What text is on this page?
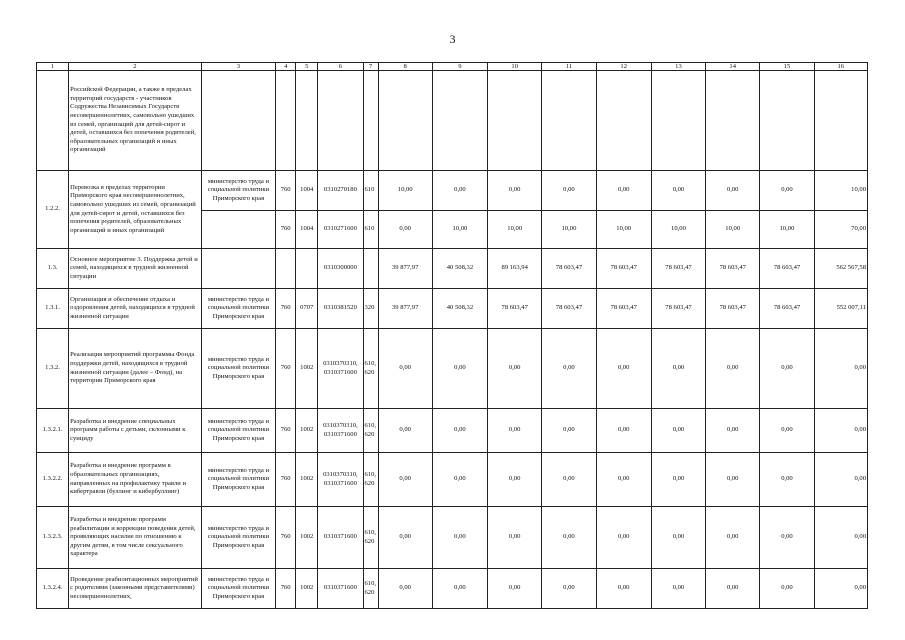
3
1	2	3	4	5	6	7	8	9	10	11	12	13	14	15	16
	Российской Федерации, а также в пределах территорий государств - участников Содружества Независимых Государств несовершеннолетних, самовольно ушедших из семей, организаций для детей-сирот и детей, оставшихся без попечения родителей, образовательных организаций и иных организаций														
1.2.2.	Перевозка в пределах территории Приморского края несовершеннолетних, самовольно ушедших из семей, организаций для детей-сирот и детей, оставшихся без попечения родителей, образовательных организаций и иных организаций	министерство труда и социальной политики Приморского края	760	1004	0310270180	610	10,00	0,00	0,00	0,00	0,00	0,00	0,00	0,00	10,00
			760	1004	0310271600	610	0,00	10,00	10,00	10,00	10,00	10,00	10,00	10,00	70,00
1.3.	Основное мероприятие 3. Поддержка детей и семей, находящихся в трудной жизненной ситуации				0310300000		39 877,97	40 508,32	89 163,94	78 603,47	78 603,47	78 603,47	78 603,47	78 603,47	562 567,58
1.3.1.	Организация и обеспечение отдыха и оздоровления детей, находящихся в трудной жизненной ситуации	министерство труда и социальной политики Приморского края	760	0707	0310381520	320	39 877,97	40 508,32	78 603,47	78 603,47	78 603,47	78 603,47	78 603,47	78 603,47	552 007,11
1.3.2.	Реализация мероприятий программы Фонда поддержки детей, находящихся в трудной жизненной ситуации (далее – Фонд), на территории Приморского края	министерство труда и социальной политики Приморского края	760	1002	0310370310, 0310371600	610, 620	0,00	0,00	0,00	0,00	0,00	0,00	0,00	0,00	0,00
1.3.2.1.	Разработка и внедрение специальных программ работы с детьми, склонными к суициду	министерство труда и социальной политики Приморского края	760	1002	0310370310, 0310371600	610, 620	0,00	0,00	0,00	0,00	0,00	0,00	0,00	0,00	0,00
1.3.2.2.	Разработка и внедрение программ в образовательных организациях, направленных на профилактику травли и кибертравли (буллинг и кибербуллинг)	министерство труда и социальной политики Приморского края	760	1002	0310370310, 0310371600	610, 620	0,00	0,00	0,00	0,00	0,00	0,00	0,00	0,00	0,00
1.3.2.3.	Разработка и внедрение программ реабилитации и коррекции поведения детей, проявляющих насилие по отношению к другим детям, в том числе сексуального характера	министерство труда и социальной политики Приморского края	760	1002	0310371600	610, 620	0,00	0,00	0,00	0,00	0,00	0,00	0,00	0,00	0,00
1.3.2.4.	Проведение реабилитационных мероприятий с родителями (законными представителями) несовершеннолетних,	министерство труда и социальной политики Приморского края	760	1002	0310371600	610, 620	0,00	0,00	0,00	0,00	0,00	0,00	0,00	0,00	0,00
